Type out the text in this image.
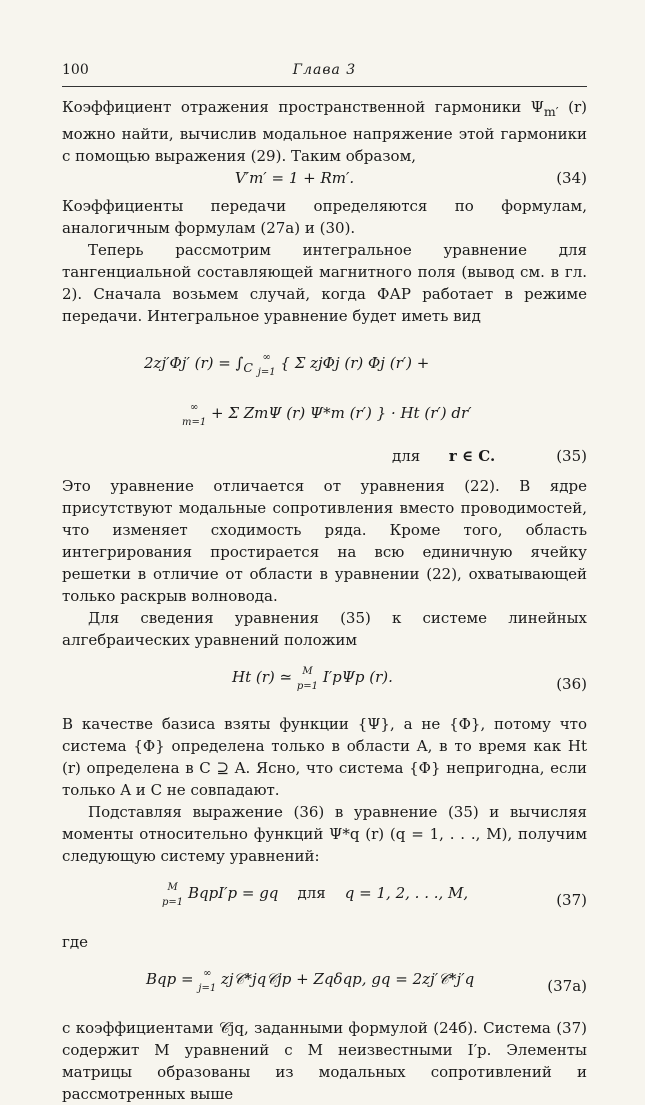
100	Глава 3

Коэффициент отражения пространственной гармоники $\Psi_{m'}$ (r) можно найти, вычислив модальное напряжение этой гармоники с помощью выражения (29). Таким образом,

V′m′ = 1 + Rm′.	(34)

Коэффициенты передачи определяются по формулам, аналогичным формулам (27а) и (30).

Теперь рассмотрим интегральное уравнение для тангенциальной составляющей магнитного поля (вывод см. в гл. 2). Сначала возьмем случай, когда ФАР работает в режиме передачи. Интегральное уравнение будет иметь вид

2zj′Φj′ $(r) = \int_C$ ∞
j=1 { Σ zjΦj (r) Φj (r′) +
∞
m=1 + Σ ZmΨ (r) Ψ*m (r′) } · Ht (r′) dr′
для r ∈ C.	(35)

Это уравнение отличается от уравнения (22). В ядре присутствуют модальные сопротивления вместо проводимостей, что изменяет сходимость ряда. Кроме того, область интегрирования простирается на всю единичную ячейку решетки в отличие от области в уравнении (22), охватывающей только раскрыв волновода.

Для сведения уравнения (35) к системе линейных алгебраических уравнений положим

Ht (r) ≃ M
p=1 I′pΨp (r).	(36)

В качестве базиса взяты функции {Ψ}, а не {Φ}, потому что система {Φ} определена только в области A, в то время как Ht (r) определена в C ⊇ A. Ясно, что система {Φ} непригодна, если только A и C не совпадают.

Подставляя выражение (36) в уравнение (35) и вычисляя моменты относительно функций Ψ*q (r) (q = 1, . . ., M), получим следующую систему уравнений:

M
p=1 BqpI′p = gq для q = 1, 2, . . ., M,	(37)

где

Bqp = ∞
j=1 zj𝒞*jq𝒞jp + Zqδqp, gq = 2zj′𝒞*j′q	(37а)

с коэффициентами 𝒞jq, заданными формулой (24б). Система (37) содержит M уравнений с M неизвестными I′p. Элементы матрицы образованы из модальных сопротивлений и рассмотренных выше
